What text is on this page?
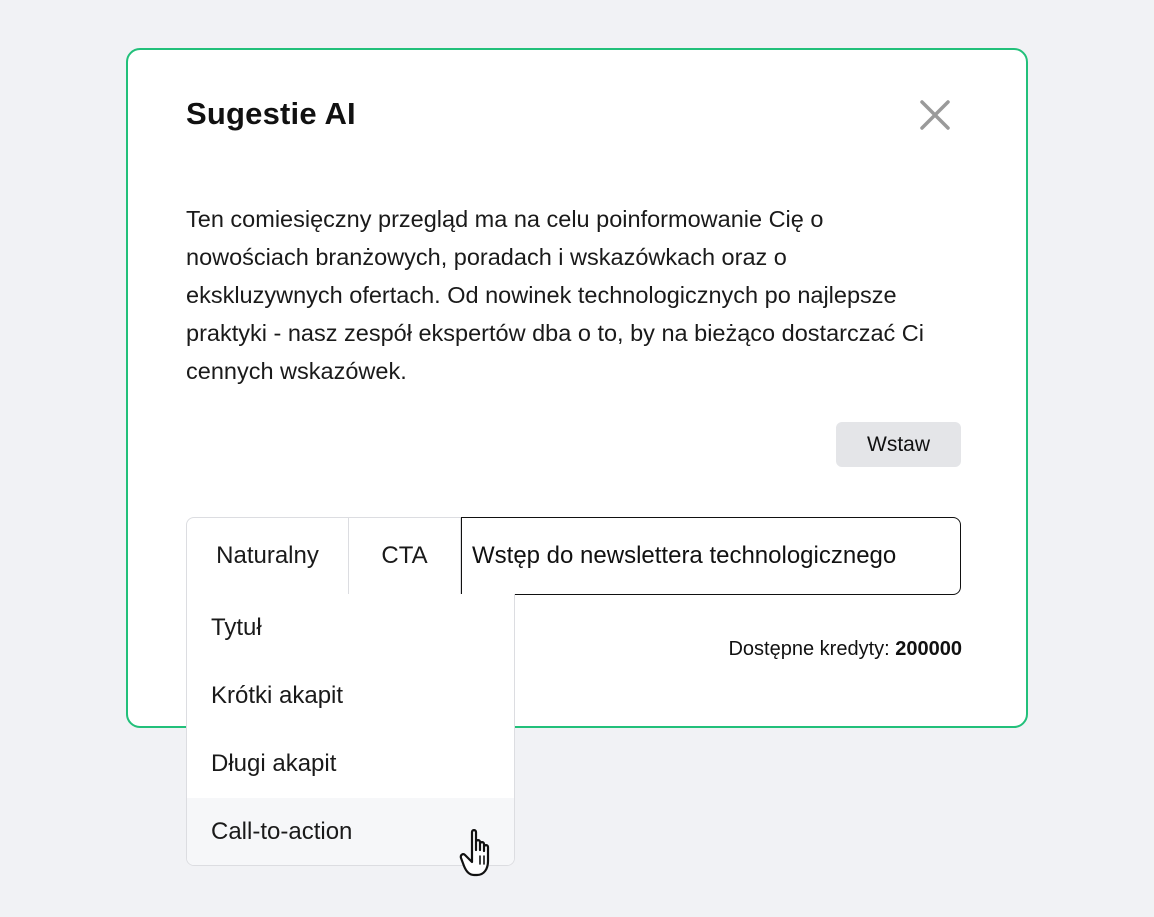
Sugestie AI

Ten comiesięczny przegląd ma na celu poinformowanie Cię o nowościach branżowych, poradach i wskazówkach oraz o ekskluzywnych ofertach. Od nowinek technologicznych po najlepsze praktyki - nasz zespół ekspertów dba o to, by na bieżąco dostarczać Ci cennych wskazówek.

Wstaw
Dostępne kredyty: 200000
Naturalny	CTA	Wstęp do newslettera technologicznego
Tytuł
Krótki akapit
Długi akapit
Call-to-action
